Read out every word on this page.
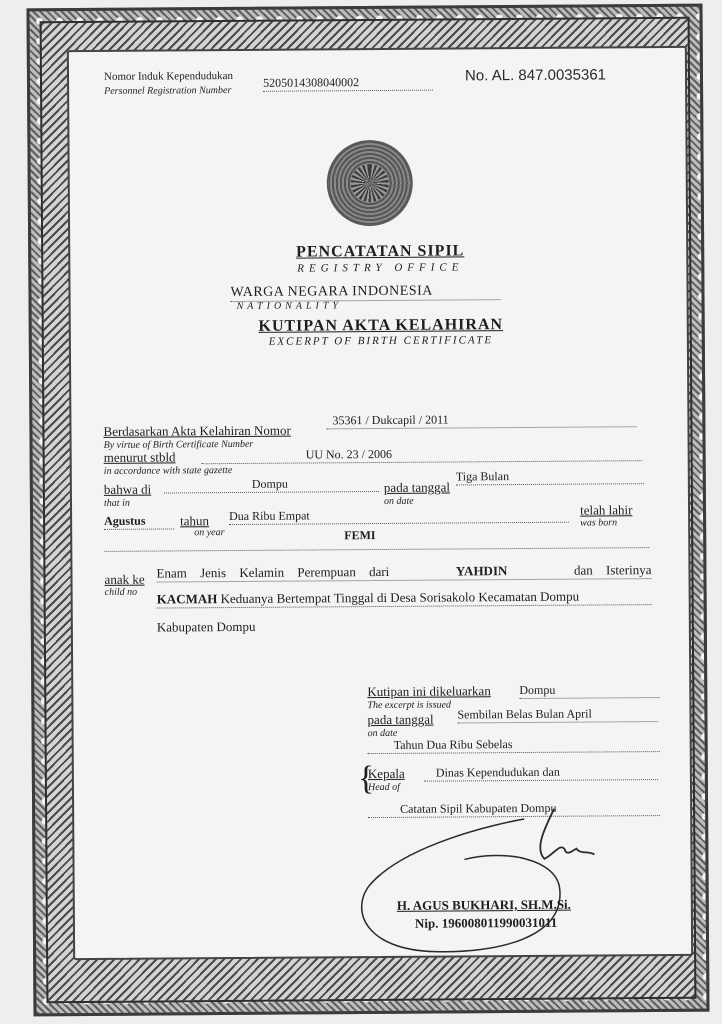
Nomor Induk Kependudukan
Personnel Registration Number
5205014308040002	No. AL. 847.0035361
PENCATATAN SIPIL
REGISTRY OFFICE
WARGA NEGARA INDONESIA
NATIONALITY
KUTIPAN AKTA KELAHIRAN
EXCERPT OF BIRTH CERTIFICATE
Berdasarkan Akta Kelahiran Nomor
By virtue of Birth Certificate Number
35361 / Dukcapil / 2011
menurut stbld
in accordance with state gazette
UU No. 23 / 2006
bahwa di
that in
Dompu	pada tanggal
on date
Tiga Bulan
Agustus	tahun
on year
Dua Ribu Empat	telah lahir
was born
FEMI
anak ke
child no
Enam Jenis Kelamin Perempuan dari	YAHDIN	dan Isterinya
KACMAH Keduanya Bertempat Tinggal di Desa Sorisakolo Kecamatan Dompu
Kabupaten Dompu
Kutipan ini dikeluarkan
The excerpt is issued
Dompu
pada tanggal
on date
Sembilan Belas Bulan April
Tahun Dua Ribu Sebelas
{
Kepala
Head of
Dinas Kependudukan dan
Catatan Sipil Kabupaten Dompu
H. AGUS BUKHARI, SH.M.Si.
Nip. 196008011990031011
